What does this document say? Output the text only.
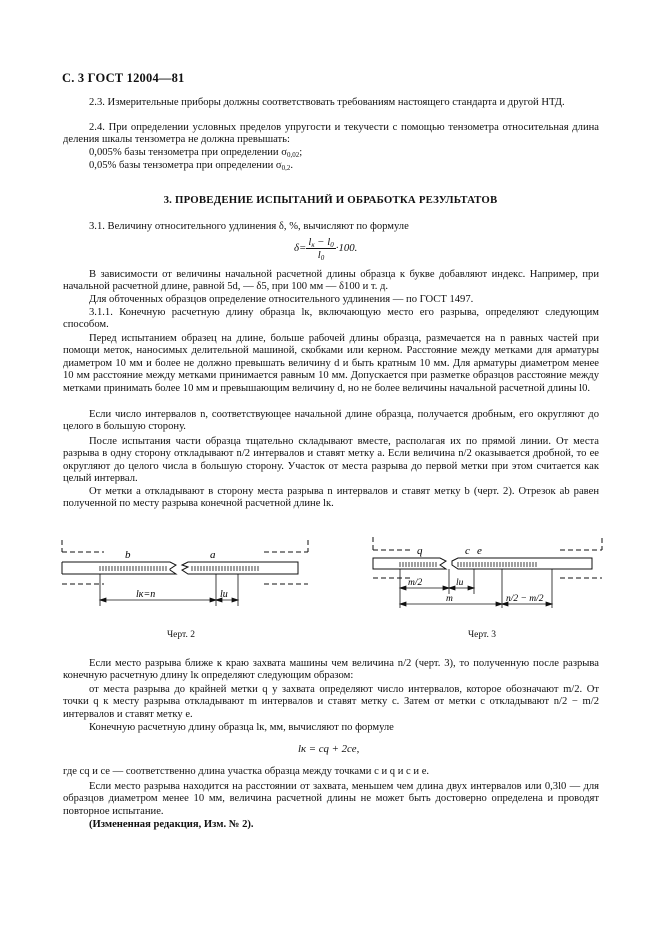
С. 3 ГОСТ 12004—81
2.3. Измерительные приборы должны соответствовать требованиям настоящего стандарта и другой НТД.
2.4. При определении условных пределов упругости и текучести с помощью тензометра относительная длина деления шкалы тензометра не должна превышать:
0,005% базы тензометра при определении $\sigma_{0,02}$;
0,05% базы тензометра при определении $\sigma_{0,2}$.
3. ПРОВЕДЕНИЕ ИСПЫТАНИЙ И ОБРАБОТКА РЕЗУЛЬТАТОВ
3.1. Величину относительного удлинения δ, %, вычисляют по формуле
$\delta= \frac{l_к - l_0}{l_0} \cdot 100$.
В зависимости от величины начальной расчетной длины образца к букве добавляют индекс. Например, при начальной расчетной длине, равной 5d, — δ5, при 100 мм — δ100 и т. д.
Для обточенных образцов определение относительного удлинения — по ГОСТ 1497.
3.1.1. Конечную расчетную длину образца lк, включающую место его разрыва, определяют следующим способом.
Перед испытанием образец на длине, больше рабочей длины образца, размечается на n равных частей при помощи меток, наносимых делительной машиной, скобками или керном. Расстояние между метками для арматуры диаметром 10 мм и более не должно превышать величину d и быть кратным 10 мм. Для арматуры диаметром менее 10 мм расстояние между метками принимается равным 10 мм. Допускается при разметке образцов расстояние между метками принимать более 10 мм и превышающим величину d, но не более величины начальной расчетной длины l0.
Если число интервалов n, соответствующее начальной длине образца, получается дробным, его округляют до целого в большую сторону.
После испытания части образца тщательно складывают вместе, располагая их по прямой линии. От места разрыва в одну сторону откладывают n/2 интервалов и ставят метку a. Если величина n/2 оказывается дробной, то ее округляют до целого числа в большую сторону. Участок от места разрыва до первой метки при этом считается как целый интервал.
От метки a откладывают в сторону места разрыва n интервалов и ставят метку b (черт. 2). Отрезок ab равен полученной по месту разрыва конечной расчетной длине lк.
b	a
lк=n	lu
Черт. 2
q	c e
m/2	lu
m	n/2 − m/2
Черт. 3
Если место разрыва ближе к краю захвата машины чем величина n/2 (черт. 3), то полученную после разрыва конечную расчетную длину lк определяют следующим образом:
от места разрыва до крайней метки q у захвата определяют число интервалов, которое обозначают m/2. От точки q к месту разрыва откладывают m интервалов и ставят метку c. Затем от метки c откладывают n/2 − m/2 интервалов и ставят метку e.
Конечную расчетную длину образца lк, мм, вычисляют по формуле
lк = cq + 2ce,
где cq и ce — соответственно длина участка образца между точками c и q и c и e.
Если место разрыва находится на расстоянии от захвата, меньшем чем длина двух интервалов или 0,3l0 — для образцов диаметром менее 10 мм, величина расчетной длины не может быть достоверно определена и проводят повторное испытание.
(Измененная редакция, Изм. № 2).
